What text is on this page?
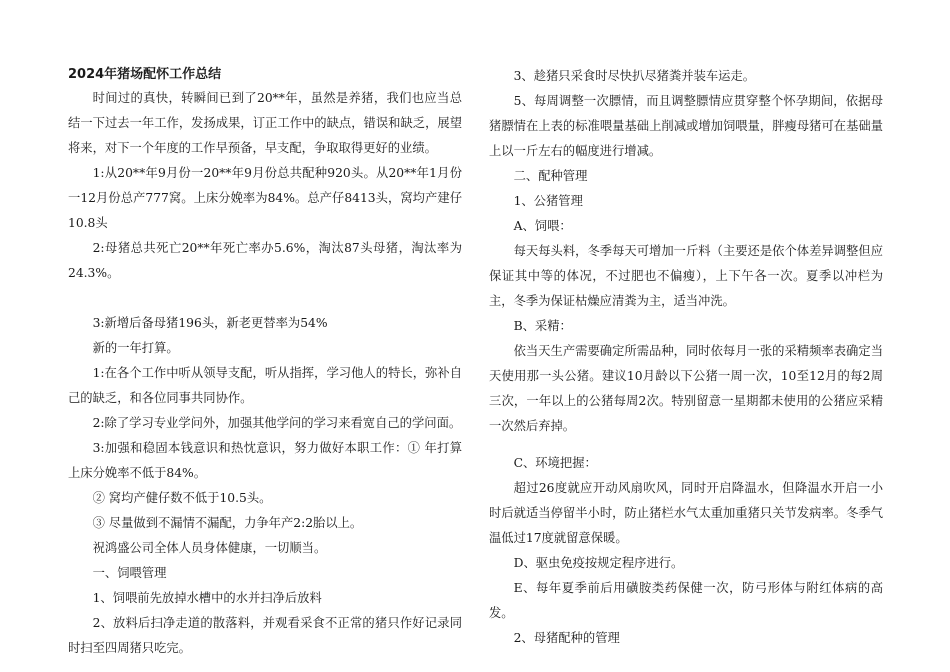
2024年猪场配怀工作总结

时间过的真快，转瞬间已到了20**年，虽然是养猪，我们也应当总结一下过去一年工作，发扬成果，订正工作中的缺点，错误和缺乏，展望将来，对下一个年度的工作早预备，早支配，争取取得更好的业绩。

1:从20**年9月份一20**年9月份总共配种920头。从20**年1月份一12月份总产777窝。上床分娩率为84%。总产仔8413头，窝均产建仔10.8头

2:母猪总共死亡20**年死亡率办5.6%，淘汰87头母猪，淘汰率为24.3%。

3:新增后备母猪196头，新老更替率为54%

新的一年打算。

1:在各个工作中听从领导支配，听从指挥，学习他人的特长，弥补自己的缺乏，和各位同事共同协作。

2:除了学习专业学问外，加强其他学问的学习来看宽自己的学问面。

3:加强和稳固本钱意识和热忱意识，努力做好本职工作：① 年打算上床分娩率不低于84%。

② 窝均产健仔数不低于10.5头。

③ 尽量做到不漏情不漏配，力争年产2:2胎以上。

祝鸿盛公司全体人员身体健康，一切顺当。

一、饲喂管理

1、饲喂前先放掉水槽中的水并扫净后放料

2、放料后扫净走道的散落料，并观看采食不正常的猪只作好记录同时扫至四周猪只吃完。

3、趁猪只采食时尽快扒尽猪粪并装车运走。

5、每周调整一次膘情，而且调整膘情应贯穿整个怀孕期间，依据母猪膘情在上表的标准喂量基础上削减或增加饲喂量，胖瘦母猪可在基础量上以一斤左右的幅度进行增减。

二、配种管理

1、公猪管理

A、饲喂：

每天每头料，冬季每天可增加一斤料（主要还是依个体差异调整但应保证其中等的体况，不过肥也不偏瘦），上下午各一次。夏季以冲栏为主，冬季为保证枯燥应清粪为主，适当冲洗。

B、采精：

依当天生产需要确定所需品种，同时依每月一张的采精频率表确定当天使用那一头公猪。建议10月龄以下公猪一周一次，10至12月的每2周三次，一年以上的公猪每周2次。特别留意一星期都未使用的公猪应采精一次然后弃掉。

C、环境把握：

超过26度就应开动风扇吹风，同时开启降温水，但降温水开启一小时后就适当停留半小时，防止猪栏水气太重加重猪只关节发病率。冬季气温低过17度就留意保暖。

D、驱虫免疫按规定程序进行。

E、每年夏季前后用磺胺类药保健一次，防弓形体与附红体病的高发。

2、母猪配种的管理
